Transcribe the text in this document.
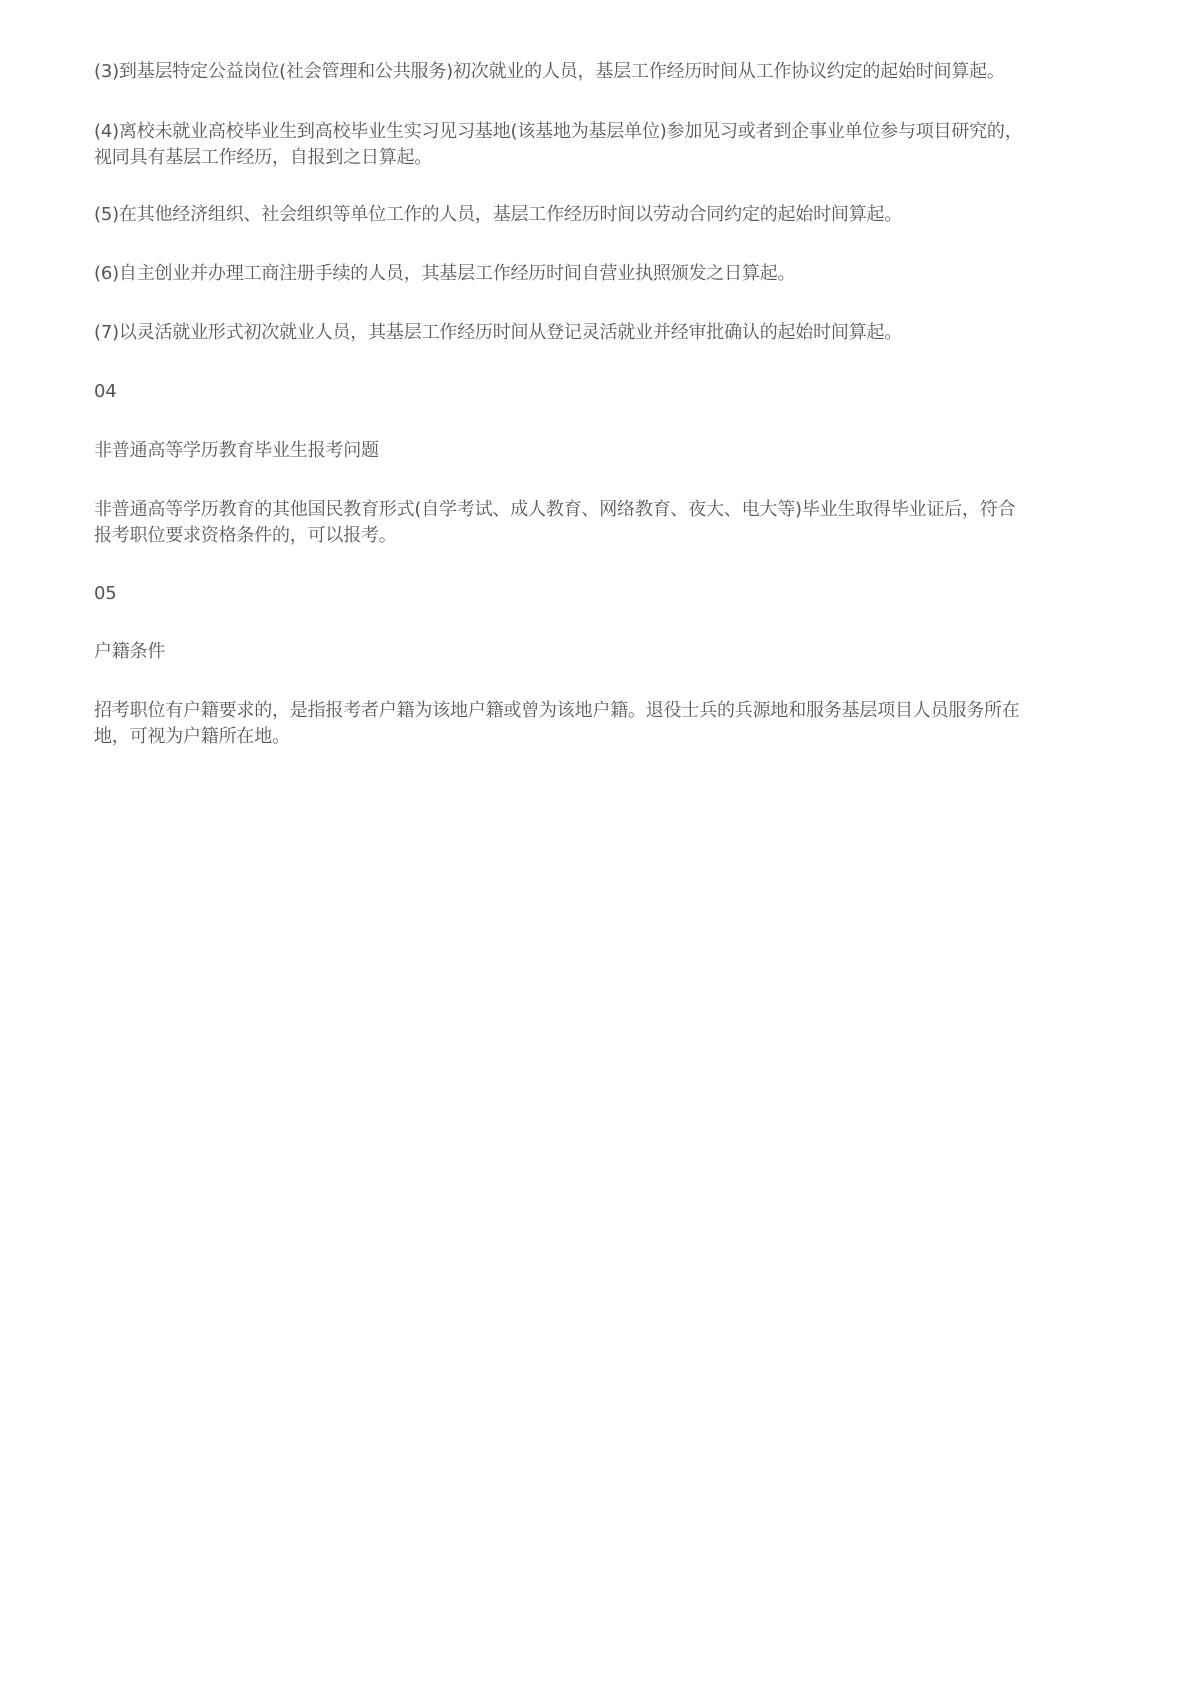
(3)到基层特定公益岗位(社会管理和公共服务)初次就业的人员，基层工作经历时间从工作协议约定的起始时间算起。

(4)离校未就业高校毕业生到高校毕业生实习见习基地(该基地为基层单位)参加见习或者到企事业单位参与项目研究的，

视同具有基层工作经历，自报到之日算起。

(5)在其他经济组织、社会组织等单位工作的人员，基层工作经历时间以劳动合同约定的起始时间算起。

(6)自主创业并办理工商注册手续的人员，其基层工作经历时间自营业执照颁发之日算起。

(7)以灵活就业形式初次就业人员，其基层工作经历时间从登记灵活就业并经审批确认的起始时间算起。

04

非普通高等学历教育毕业生报考问题

非普通高等学历教育的其他国民教育形式(自学考试、成人教育、网络教育、夜大、电大等)毕业生取得毕业证后，符合

报考职位要求资格条件的，可以报考。

05

户籍条件

招考职位有户籍要求的，是指报考者户籍为该地户籍或曾为该地户籍。退役士兵的兵源地和服务基层项目人员服务所在

地，可视为户籍所在地。
